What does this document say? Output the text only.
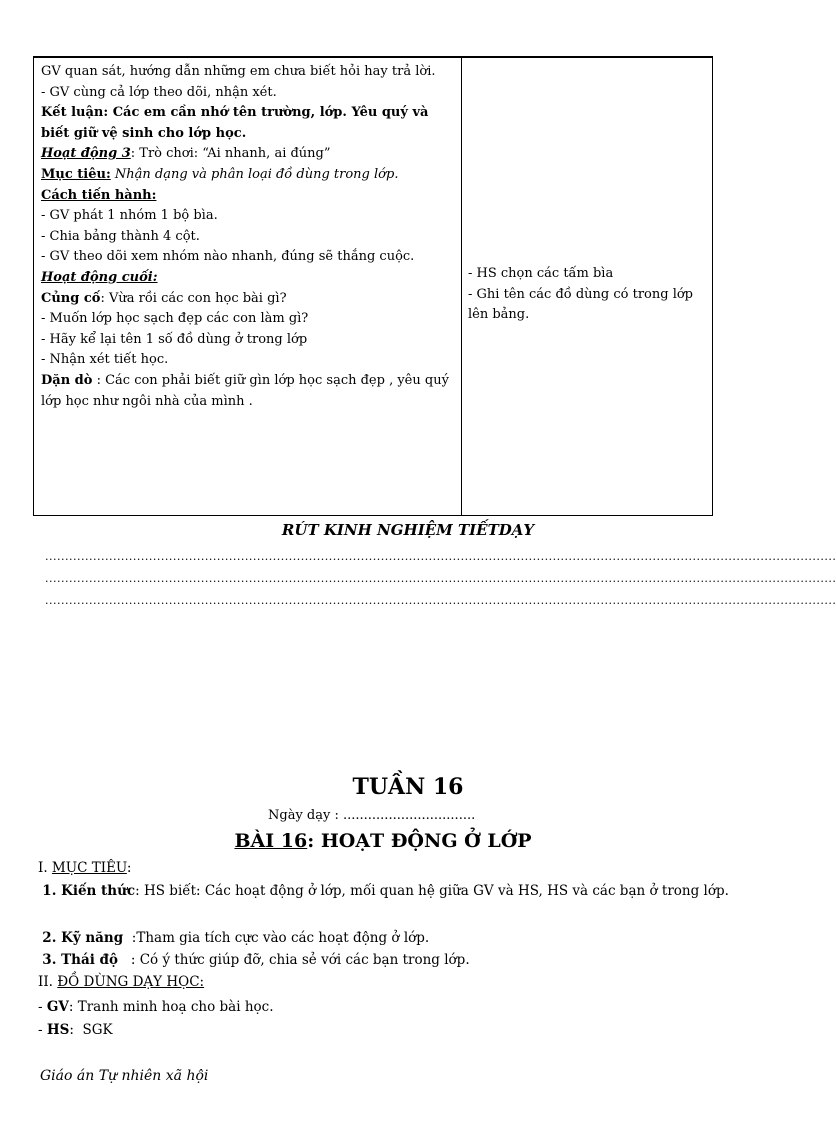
GV quan sát, hướng dẫn những em chưa biết hỏi hay trả lời.
- GV cùng cả lớp theo dõi, nhận xét.
Kết luận: Các em cần nhớ tên trường, lớp. Yêu quý và biết giữ vệ sinh cho lớp học.
Hoạt động 3: Trò chơi: “Ai nhanh, ai đúng”
Mục tiêu: Nhận dạng và phân loại đồ dùng trong lớp.
Cách tiến hành:
- GV phát 1 nhóm 1 bộ bìa.
- Chia bảng thành 4 cột.
- GV theo dõi xem nhóm nào nhanh, đúng sẽ thắng cuộc.
Hoạt động cuối:
Củng cố: Vừa rồi các con học bài gì?
- Muốn lớp học sạch đẹp các con làm gì?
- Hãy kể lại tên 1 số đồ dùng ở trong lớp
- Nhận xét tiết học.
Dặn dò : Các con phải biết giữ gìn lớp học sạch đẹp , yêu quý lớp học như ngôi nhà của mình .
- HS chọn các tấm bìa
- Ghi tên các đồ dùng có trong lớp lên bảng.
RÚT KINH NGHIỆM TIẾTDẠY
......................................................................................................................................................................................................
......................................................................................................................................................................................................
......................................................................................................................................................................................................
TUẦN 16
Ngày dạy : ................................
BÀI 16: HOẠT ĐỘNG Ở LỚP
I. MỤC TIÊU:
1. Kiến thức: HS biết: Các hoạt động ở lớp, mối quan hệ giữa GV và HS, HS và các bạn ở trong lớp.
2. Kỹ năng  :Tham gia tích cực vào các hoạt động ở lớp.
3. Thái độ   : Có ý thức giúp đỡ, chia sẻ với các bạn trong lớp.
II. ĐỒ DÙNG DẠY HỌC:
- GV: Tranh minh hoạ cho bài học.
- HS:  SGK
Giáo án Tự nhiên xã hội
